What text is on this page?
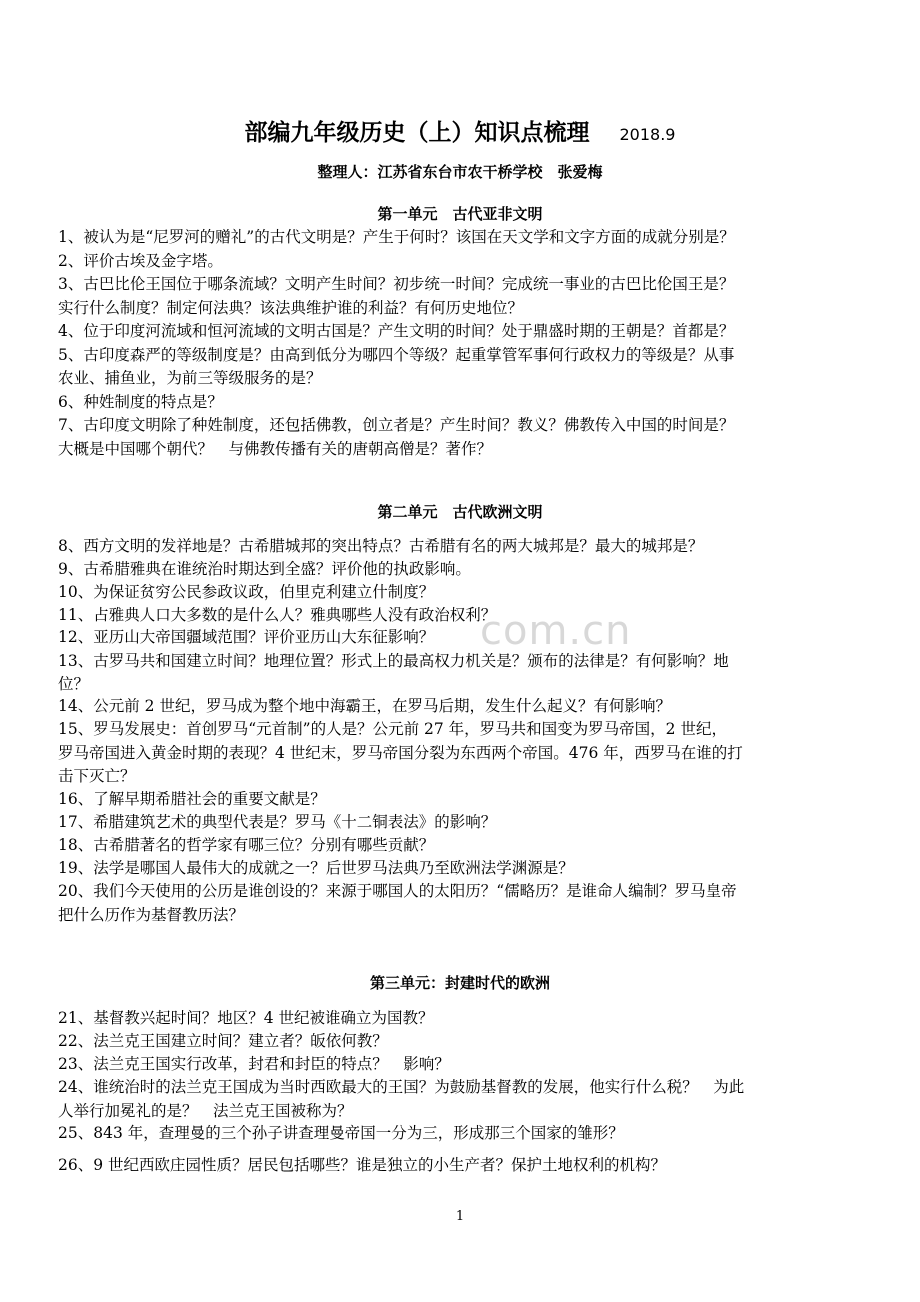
com.cn
部编九年级历史（上）知识点梳理 2018.9
整理人：江苏省东台市农干桥学校　张爱梅
第一单元　古代亚非文明
1、被认为是“尼罗河的赠礼”的古代文明是？产生于何时？该国在天文学和文字方面的成就分别是？
2、评价古埃及金字塔。
3、古巴比伦王国位于哪条流域？文明产生时间？初步统一时间？完成统一事业的古巴比伦国王是？
实行什么制度？制定何法典？该法典维护谁的利益？有何历史地位？
4、位于印度河流域和恒河流域的文明古国是？产生文明的时间？处于鼎盛时期的王朝是？首都是？
5、古印度森严的等级制度是？由高到低分为哪四个等级？起重掌管军事何行政权力的等级是？从事
农业、捕鱼业，为前三等级服务的是？
6、种姓制度的特点是？
7、古印度文明除了种姓制度，还包括佛教，创立者是？产生时间？教义？佛教传入中国的时间是？
大概是中国哪个朝代？　与佛教传播有关的唐朝高僧是？著作？
第二单元　古代欧洲文明
8、西方文明的发祥地是？古希腊城邦的突出特点？古希腊有名的两大城邦是？最大的城邦是？
9、古希腊雅典在谁统治时期达到全盛？评价他的执政影响。
10、为保证贫穷公民参政议政，伯里克利建立什制度？
11、占雅典人口大多数的是什么人？雅典哪些人没有政治权利？
12、亚历山大帝国疆域范围？评价亚历山大东征影响？
13、古罗马共和国建立时间？地理位置？形式上的最高权力机关是？颁布的法律是？有何影响？地
位？
14、公元前 2 世纪，罗马成为整个地中海霸王，在罗马后期，发生什么起义？有何影响？
15、罗马发展史：首创罗马“元首制”的人是？公元前 27 年，罗马共和国变为罗马帝国，2 世纪，
罗马帝国进入黄金时期的表现？4 世纪末，罗马帝国分裂为东西两个帝国。476 年，西罗马在谁的打
击下灭亡？
16、了解早期希腊社会的重要文献是？
17、希腊建筑艺术的典型代表是？罗马《十二铜表法》的影响？
18、古希腊著名的哲学家有哪三位？分别有哪些贡献？
19、法学是哪国人最伟大的成就之一？后世罗马法典乃至欧洲法学渊源是？
20、我们今天使用的公历是谁创设的？来源于哪国人的太阳历？“儒略历？是谁命人编制？罗马皇帝
把什么历作为基督教历法？
第三单元：封建时代的欧洲
21、基督教兴起时间？地区？4 世纪被谁确立为国教？
22、法兰克王国建立时间？建立者？皈依何教？
23、法兰克王国实行改革，封君和封臣的特点？　影响？
24、谁统治时的法兰克王国成为当时西欧最大的王国？为鼓励基督教的发展，他实行什么税？　为此
人举行加冕礼的是？　法兰克王国被称为？
25、843 年，查理曼的三个孙子讲查理曼帝国一分为三，形成那三个国家的雏形？
26、9 世纪西欧庄园性质？居民包括哪些？谁是独立的小生产者？保护土地权利的机构？
1
